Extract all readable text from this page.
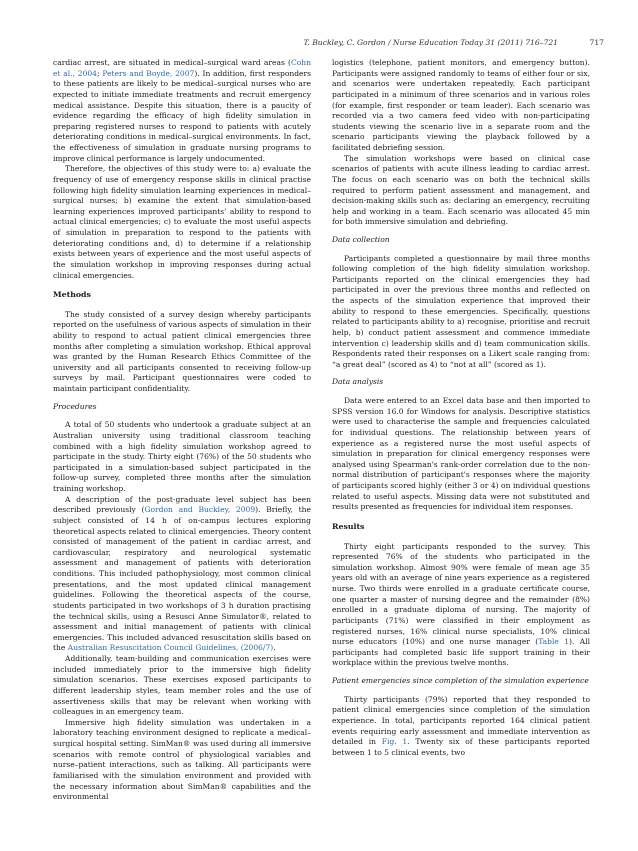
T. Buckley, C. Gordon / Nurse Education Today 31 (2011) 716–721	717

cardiac arrest, are situated in medical–surgical ward areas (Cohn et al., 2004; Peters and Boyde, 2007). In addition, first responders to these patients are likely to be medical–surgical nurses who are expected to initiate immediate treatments and recruit emergency medical assistance. Despite this situation, there is a paucity of evidence regarding the efficacy of high fidelity simulation in preparing registered nurses to respond to patients with acutely deteriorating conditions in medical–surgical environments. In fact, the effectiveness of simulation in graduate nursing programs to improve clinical performance is largely undocumented.

Therefore, the objectives of this study were to: a) evaluate the frequency of use of emergency response skills in clinical practise following high fidelity simulation learning experiences in medical–surgical nurses; b) examine the extent that simulation-based learning experiences improved participants' ability to respond to actual clinical emergencies; c) to evaluate the most useful aspects of simulation in preparation to respond to the patients with deteriorating conditions and, d) to determine if a relationship exists between years of experience and the most useful aspects of the simulation workshop in improving responses during actual clinical emergencies.

Methods

The study consisted of a survey design whereby participants reported on the usefulness of various aspects of simulation in their ability to respond to actual patient clinical emergencies three months after completing a simulation workshop. Ethical approval was granted by the Human Research Ethics Committee of the university and all participants consented to receiving follow-up surveys by mail. Participant questionnaires were coded to maintain participant confidentiality.

Procedures

A total of 50 students who undertook a graduate subject at an Australian university using traditional classroom teaching combined with a high fidelity simulation workshop agreed to participate in the study. Thirty eight (76%) of the 50 students who participated in a simulation-based subject participated in the follow-up survey, completed three months after the simulation training workshop.

A description of the post-graduate level subject has been described previously (Gordon and Buckley, 2009). Briefly, the subject consisted of 14 h of on-campus lectures exploring theoretical aspects related to clinical emergencies. Theory content consisted of management of the patient in cardiac arrest, and cardiovascular, respiratory and neurological systematic assessment and management of patients with deterioration conditions. This included pathophysiology, most common clinical presentations, and the most updated clinical management guidelines. Following the theoretical aspects of the course, students participated in two workshops of 3 h duration practising the technical skills, using a Resusci Anne Simulator®, related to assessment and initial management of patients with clinical emergencies. This included advanced resuscitation skills based on the Australian Resuscitation Council Guidelines, (2006/7).

Additionally, team-building and communication exercises were included immediately prior to the immersive high fidelity simulation scenarios. These exercises exposed participants to different leadership styles, team member roles and the use of assertiveness skills that may be relevant when working with colleagues in an emergency team.

Immersive high fidelity simulation was undertaken in a laboratory teaching environment designed to replicate a medical–surgical hospital setting. SimMan® was used during all immersive scenarios with remote control of physiological variables and nurse–patient interactions, such as talking. All participants were familiarised with the simulation environment and provided with the necessary information about SimMan® capabilities and the environmental

logistics (telephone, patient monitors, and emergency button). Participants were assigned randomly to teams of either four or six, and scenarios were undertaken repeatedly. Each participant participated in a minimum of three scenarios and in various roles (for example, first responder or team leader). Each scenario was recorded via a two camera feed video with non-participating students viewing the scenario live in a separate room and the scenario participants viewing the playback followed by a facilitated debriefing session.

The simulation workshops were based on clinical case scenarios of patients with acute illness leading to cardiac arrest. The focus on each scenario was on both the technical skills required to perform patient assessment and management, and decision-making skills such as: declaring an emergency, recruiting help and working in a team. Each scenario was allocated 45 min for both immersive simulation and debriefing.

Data collection

Participants completed a questionnaire by mail three months following completion of the high fidelity simulation workshop. Participants reported on the clinical emergencies they had participated in over the previous three months and reflected on the aspects of the simulation experience that improved their ability to respond to these emergencies. Specifically, questions related to participants ability to a) recognise, prioritise and recruit help, b) conduct patient assessment and commence immediate intervention c) leadership skills and d) team communication skills. Respondents rated their responses on a Likert scale ranging from: “a great deal” (scored as 4) to “not at all” (scored as 1).

Data analysis

Data were entered to an Excel data base and then imported to SPSS version 16.0 for Windows for analysis. Descriptive statistics were used to characterise the sample and frequencies calculated for individual questions. The relationship between years of experience as a registered nurse the most useful aspects of simulation in preparation for clinical emergency responses were analysed using Spearman's rank-order correlation due to the non-normal distribution of participant's responses where the majority of participants scored highly (either 3 or 4) on individual questions related to useful aspects. Missing data were not substituted and results presented as frequencies for individual item responses.

Results

Thirty eight participants responded to the survey. This represented 76% of the students who participated in the simulation workshop. Almost 90% were female of mean age 35 years old with an average of nine years experience as a registered nurse. Two thirds were enrolled in a graduate certificate course, one quarter a master of nursing degree and the remainder (8%) enrolled in a graduate diploma of nursing. The majority of participants (71%) were classified in their employment as registered nurses, 16% clinical nurse specialists, 10% clinical nurse educators (10%) and one nurse manager (Table 1). All participants had completed basic life support training in their workplace within the previous twelve months.

Patient emergencies since completion of the simulation experience

Thirty participants (79%) reported that they responded to patient clinical emergencies since completion of the simulation experience. In total, participants reported 164 clinical patient events requiring early assessment and immediate intervention as detailed in Fig. 1. Twenty six of these participants reported between 1 to 5 clinical events, two
